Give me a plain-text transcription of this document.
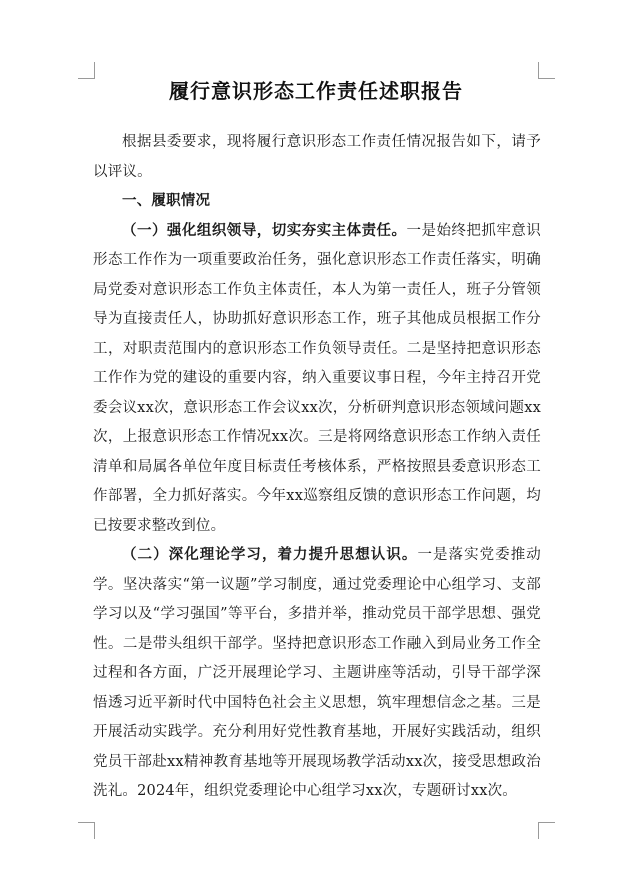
履行意识形态工作责任述职报告

根据县委要求，现将履行意识形态工作责任情况报告如下，请予以评议。

一、履职情况

（一）强化组织领导，切实夯实主体责任。一是始终把抓牢意识形态工作作为一项重要政治任务，强化意识形态工作责任落实，明确局党委对意识形态工作负主体责任，本人为第一责任人，班子分管领导为直接责任人，协助抓好意识形态工作，班子其他成员根据工作分工，对职责范围内的意识形态工作负领导责任。二是坚持把意识形态工作作为党的建设的重要内容，纳入重要议事日程，今年主持召开党委会议xx次，意识形态工作会议xx次，分析研判意识形态领域问题xx次，上报意识形态工作情况xx次。三是将网络意识形态工作纳入责任清单和局属各单位年度目标责任考核体系，严格按照县委意识形态工作部署，全力抓好落实。今年xx巡察组反馈的意识形态工作问题，均已按要求整改到位。

（二）深化理论学习，着力提升思想认识。一是落实党委推动学。坚决落实“第一议题”学习制度，通过党委理论中心组学习、支部学习以及“学习强国”等平台，多措并举，推动党员干部学思想、强党性。二是带头组织干部学。坚持把意识形态工作融入到局业务工作全过程和各方面，广泛开展理论学习、主题讲座等活动，引导干部学深悟透习近平新时代中国特色社会主义思想，筑牢理想信念之基。三是开展活动实践学。充分利用好党性教育基地，开展好实践活动，组织党员干部赴xx精神教育基地等开展现场教学活动xx次，接受思想政治洗礼。2024年，组织党委理论中心组学习xx次，专题研讨xx次。
